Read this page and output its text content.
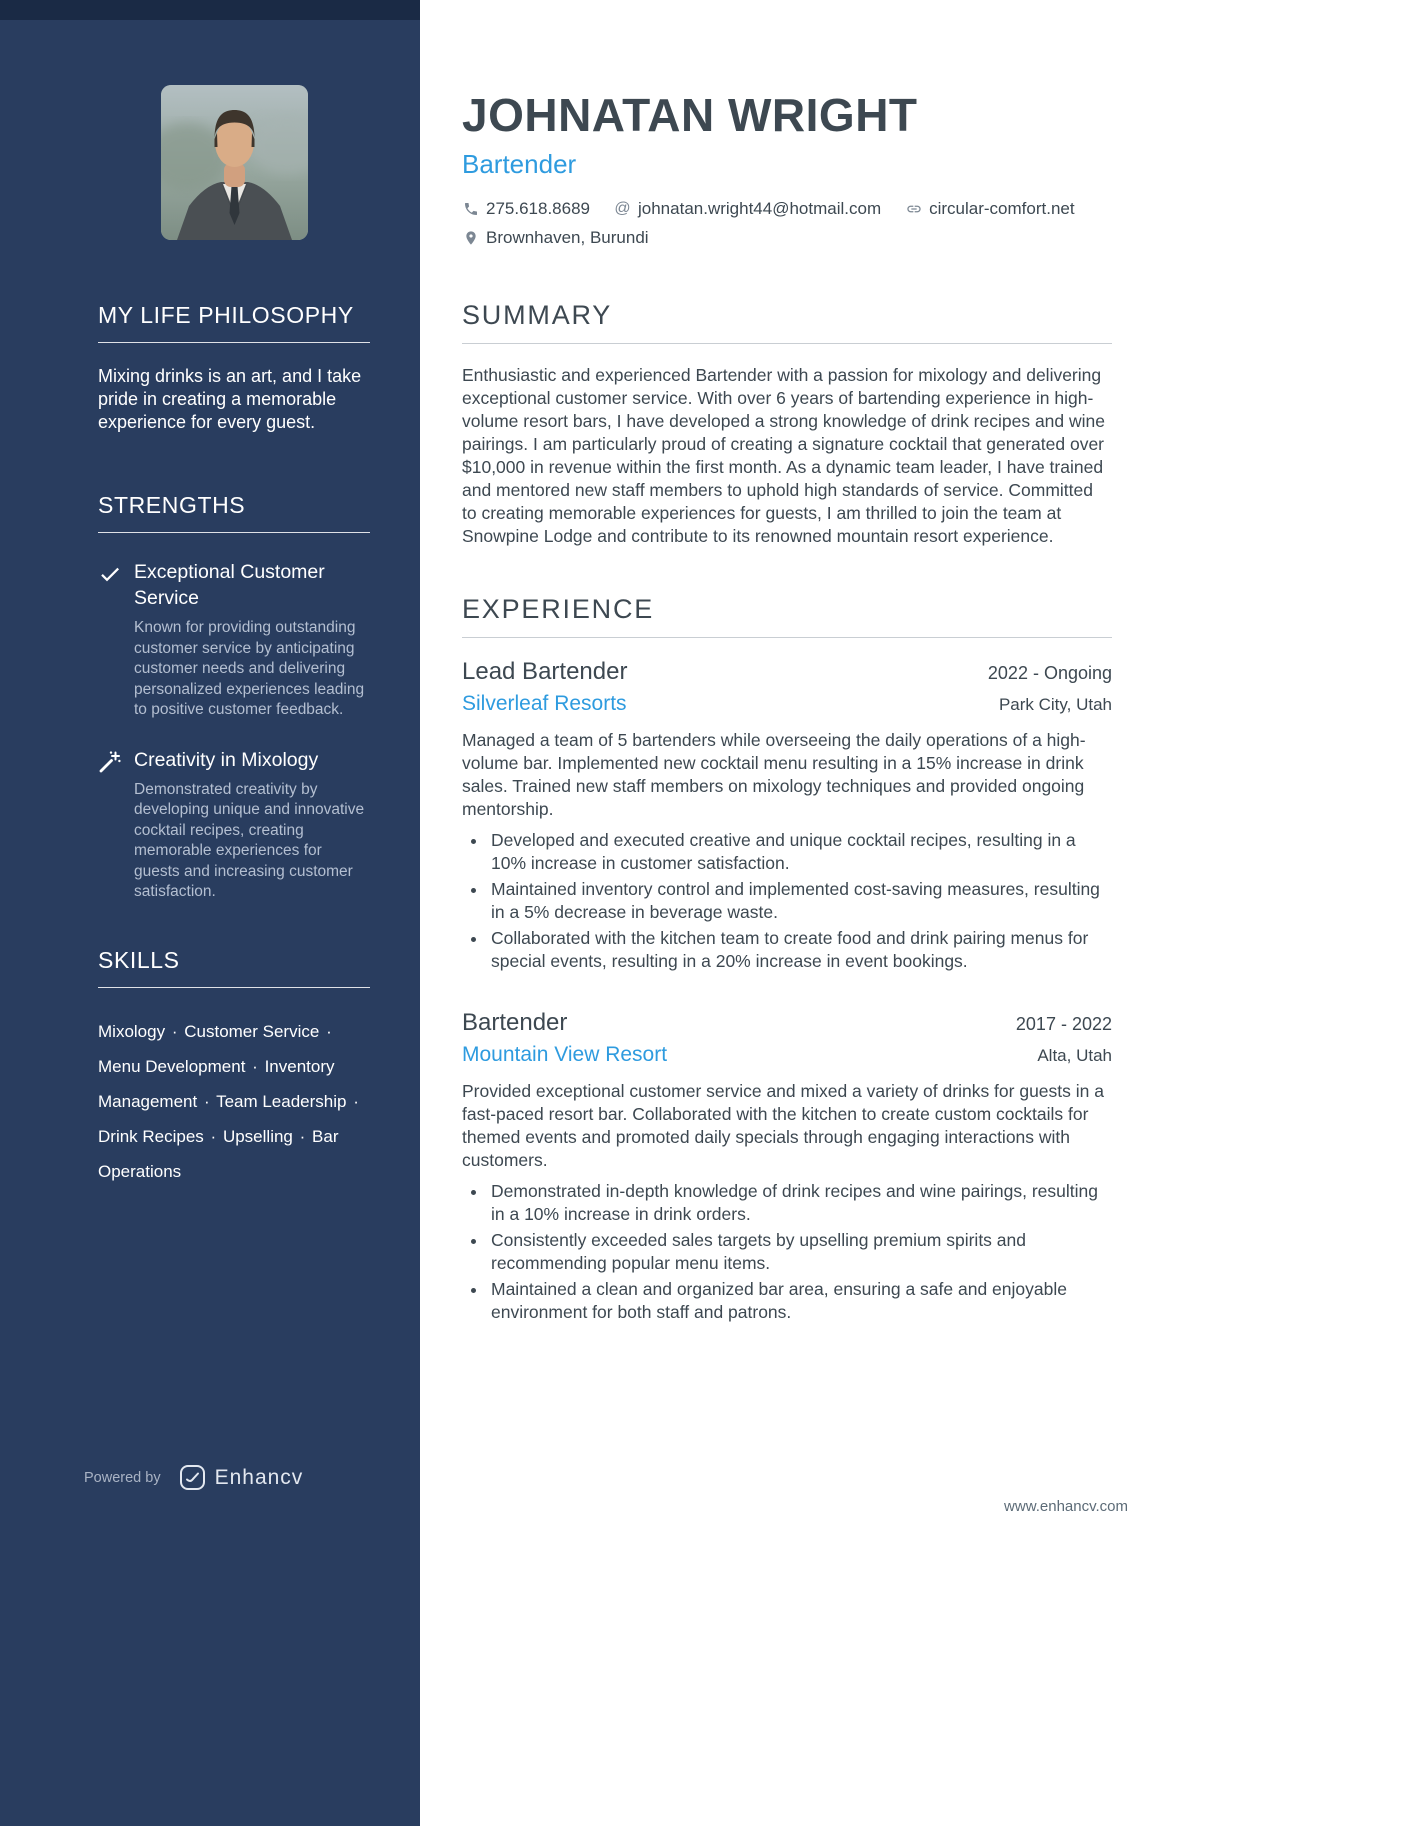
MY LIFE PHILOSOPHY

Mixing drinks is an art, and I take pride in creating a memorable experience for every guest.

STRENGTHS
Exceptional Customer Service
Known for providing outstanding customer service by anticipating customer needs and delivering personalized experiences leading to positive customer feedback.
Creativity in Mixology
Demonstrated creativity by developing unique and innovative cocktail recipes, creating memorable experiences for guests and increasing customer satisfaction.
SKILLS

Mixology · Customer Service · Menu Development · Inventory Management · Team Leadership · Drink Recipes · Upselling · Bar Operations

Powered by	Enhancv
JOHNATAN WRIGHT
Bartender
275.618.8689 @ johnatan.wright44@hotmail.com	circular-comfort.net
Brownhaven, Burundi
SUMMARY

Enthusiastic and experienced Bartender with a passion for mixology and delivering exceptional customer service. With over 6 years of bartending experience in high-volume resort bars, I have developed a strong knowledge of drink recipes and wine pairings. I am particularly proud of creating a signature cocktail that generated over $10,000 in revenue within the first month. As a dynamic team leader, I have trained and mentored new staff members to uphold high standards of service. Committed to creating memorable experiences for guests, I am thrilled to join the team at Snowpine Lodge and contribute to its renowned mountain resort experience.

EXPERIENCE
Lead Bartender	2022 - Ongoing
Silverleaf Resorts	Park City, Utah

Managed a team of 5 bartenders while overseeing the daily operations of a high-volume bar. Implemented new cocktail menu resulting in a 15% increase in drink sales. Trained new staff members on mixology techniques and provided ongoing mentorship.

• Developed and executed creative and unique cocktail recipes, resulting in a 10% increase in customer satisfaction.
• Maintained inventory control and implemented cost-saving measures, resulting in a 5% decrease in beverage waste.
• Collaborated with the kitchen team to create food and drink pairing menus for special events, resulting in a 20% increase in event bookings.
Bartender	2017 - 2022
Mountain View Resort	Alta, Utah

Provided exceptional customer service and mixed a variety of drinks for guests in a fast-paced resort bar. Collaborated with the kitchen to create custom cocktails for themed events and promoted daily specials through engaging interactions with customers.

• Demonstrated in-depth knowledge of drink recipes and wine pairings, resulting in a 10% increase in drink orders.
• Consistently exceeded sales targets by upselling premium spirits and recommending popular menu items.
• Maintained a clean and organized bar area, ensuring a safe and enjoyable environment for both staff and patrons.
www.enhancv.com
